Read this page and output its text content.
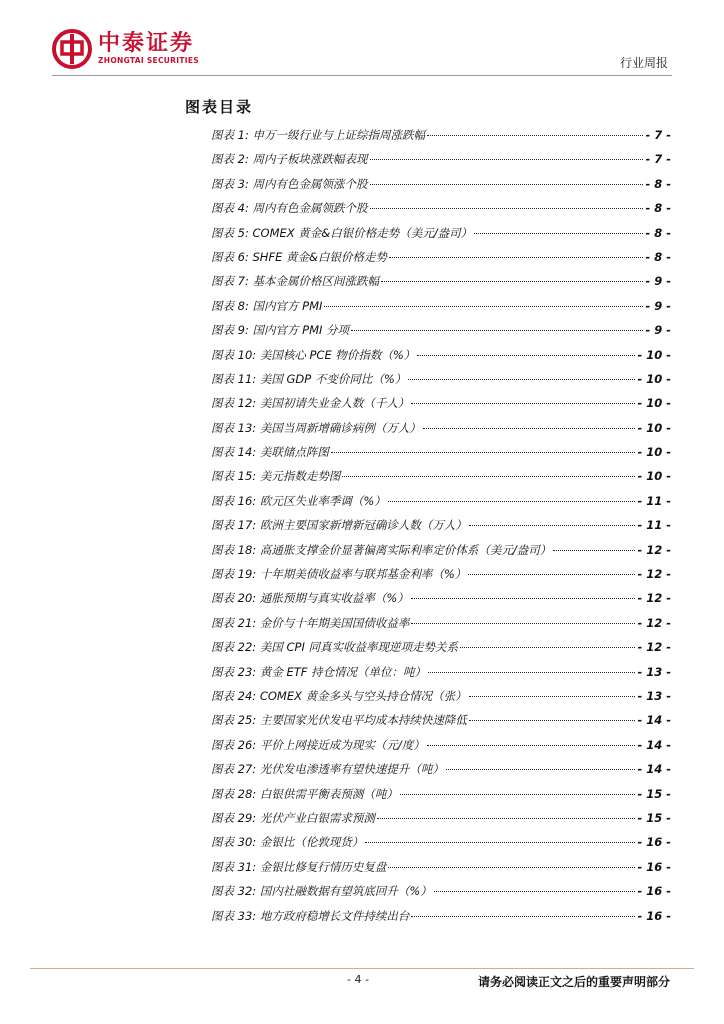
中泰证券
ZHONGTAI SECURITIES	行业周报
图表目录
图表 1: 申万一级行业与上证综指周涨跌幅	- 7 -
图表 2: 周内子板块涨跌幅表现	- 7 -
图表 3: 周内有色金属领涨个股	- 8 -
图表 4: 周内有色金属领跌个股	- 8 -
图表 5: COMEX 黄金&白银价格走势（美元/盎司）	- 8 -
图表 6: SHFE 黄金&白银价格走势	- 8 -
图表 7: 基本金属价格区间涨跌幅	- 9 -
图表 8: 国内官方 PMI	- 9 -
图表 9: 国内官方 PMI 分项	- 9 -
图表 10: 美国核心 PCE 物价指数（%）	- 10 -
图表 11: 美国 GDP 不变价同比（%）	- 10 -
图表 12: 美国初请失业金人数（千人）	- 10 -
图表 13: 美国当周新增确诊病例（万人）	- 10 -
图表 14: 美联储点阵图	- 10 -
图表 15: 美元指数走势图	- 10 -
图表 16: 欧元区失业率季调（%）	- 11 -
图表 17: 欧洲主要国家新增新冠确诊人数（万人）	- 11 -
图表 18: 高通胀支撑金价显著偏离实际利率定价体系（美元/盎司）	- 12 -
图表 19: 十年期美债收益率与联邦基金利率（%）	- 12 -
图表 20: 通胀预期与真实收益率（%）	- 12 -
图表 21: 金价与十年期美国国债收益率	- 12 -
图表 22: 美国 CPI 同真实收益率现逆项走势关系	- 12 -
图表 23: 黄金 ETF 持仓情况（单位：吨）	- 13 -
图表 24: COMEX 黄金多头与空头持仓情况（张）	- 13 -
图表 25: 主要国家光伏发电平均成本持续快速降低	- 14 -
图表 26: 平价上网接近成为现实（元/度）	- 14 -
图表 27: 光伏发电渗透率有望快速提升（吨）	- 14 -
图表 28: 白银供需平衡表预测（吨）	- 15 -
图表 29: 光伏产业白银需求预测	- 15 -
图表 30: 金银比（伦敦现货）	- 16 -
图表 31: 金银比修复行情历史复盘	- 16 -
图表 32: 国内社融数据有望筑底回升（%）	- 16 -
图表 33: 地方政府稳增长文件持续出台	- 16 -
- 4 -	请务必阅读正文之后的重要声明部分
